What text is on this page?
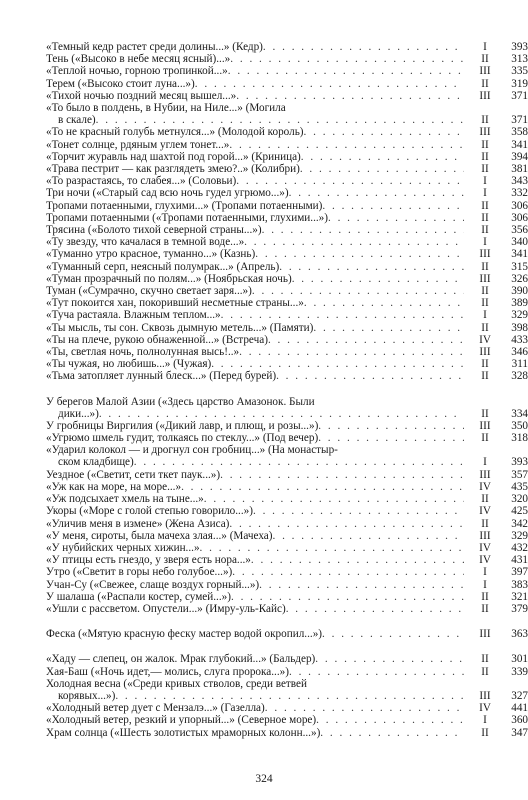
«Темный кедр растет среди долины...» (Кедр) . . .	I	393
Тень («Высоко в небе месяц ясный)...» . . .	II	313
«Теплой ночью, горною тропинкой...» . . .	III	335
Терем («Высоко стоит луна...») . . .	II	319
«Тихой ночью поздний месяц вышел...» . . .	III	371
«То было в полдень, в Нубии, на Ниле...» (Могила
в скале) . . .	II	371
«То не красный голубь метнулся...» (Молодой король) . . .	III	358
«Тонет солнце, рдяным углем тонет...» . . .	II	341
«Торчит журавль над шахтой под горой...» (Криница) . . .	II	394
«Трава пестрит — как разглядеть змею?..» (Колибри) . . .	II	381
«То разрастаясь, то слабея...» (Соловьи) . . .	I	343
Три ночи («Старый сад всю ночь гудел угрюмо...») . . .	I	332
Тропами потаенными, глухими...» (Тропами потаенными) . . .	II	306
Тропами потаенными («Тропами потаенными, глухими...») . . .	II	306
Трясина («Болото тихой северной страны...») . . .	II	356
«Ту звезду, что качалася в темной воде...» . . .	I	340
«Туманно утро красное, туманно...» (Казнь) . . .	III	341
«Туманный серп, неясный полумрак...» (Апрель) . . .	II	315
«Туман прозрачный по полям...» (Ноябрьская ночь) . . .	III	326
Туман («Сумрачно, скучно светает заря...») . . .	II	390
«Тут покоится хан, покоривший несметные страны...» . . .	II	389
«Туча растаяла. Влажным теплом...» . . .	I	329
«Ты мысль, ты сон. Сквозь дымную метель...» (Памяти) . . .	II	398
«Ты на плече, рукою обнаженной...» (Встреча) . . .	IV	433
«Ты, светлая ночь, полнолунная высь!..» . . .	III	346
«Ты чужая, но любишь...» (Чужая) . . .	II	311
«Тьма затопляет лунный блеск...» (Перед бурей) . . .	II	328
У берегов Малой Азии («Здесь царство Амазонок. Были
дики...») . . .	II	334
У гробницы Виргилия («Дикий лавр, и плющ, и розы...») . . .	III	350
«Угрюмо шмель гудит, толкаясь по стеклу...» (Под вечер) . . .	II	318
«Ударил колокол — и дрогнул сон гробниц...» (На монастыр-
ском кладбище) . . .	I	393
Уездное («Светит, сети ткет паук...») . . .	III	357
«Уж как на море, на море...» . . .	IV	435
«Уж подсыхает хмель на тыне...» . . .	II	320
Укоры («Море с голой степью говорило...») . . .	IV	425
«Уличив меня в измене» (Жена Азиса) . . .	II	342
«У меня, сироты, была мачеха злая...» (Мачеха) . . .	III	329
«У нубийских черных хижин...» . . .	IV	432
«У птицы есть гнездо, у зверя есть нора...» . . .	IV	431
Утро («Светит в горы небо голубое...») . . .	I	397
Учан-Су («Свежее, слаще воздух горный...») . . .	I	383
У шалаша («Распали костер, сумей...») . . .	II	321
«Ушли с рассветом. Опустели...» (Имру-уль-Кайс) . . .	II	379
Феска («Мятую красную феску мастер водой окропил...») . . .	III	363
«Хаду — слепец, он жалок. Мрак глубокий...» (Бальдер) . . .	II	301
Хая-Баш («Ночь идет,— молись, слуга пророка...») . . .	II	339
Холодная весна («Среди кривых стволов, среди ветвей
корявых...») . . .	III	327
«Холодный ветер дует с Мензалэ...» (Газелла) . . .	IV	441
«Холодный ветер, резкий и упорный...» (Северное море) . . .	I	360
Храм солнца («Шесть золотистых мраморных колонн...») . . .	II	347
324
